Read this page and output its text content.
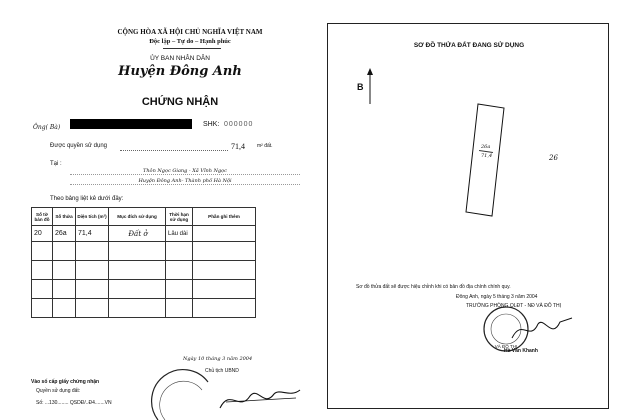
CỘNG HÒA XÃ HỘI CHỦ NGHĨA VIỆT NAM
Độc lập – Tự do – Hạnh phúc
ỦY BAN NHÂN DÂN
Huyện Đông Anh
CHỨNG NHẬN
Ông( Bà)	SHK: 000000
Được quyền sử dụng	71,4 m² đất.
Tại :
Thôn Ngọc Giang - Xã Vĩnh Ngọc
Huyện Đông Anh- Thành phố Hà Nội
Theo bảng liệt kê dưới đây:
Số tờ bản đồ	Số thửa	Diện tích (m²)	Mục đích sử dụng	Thời hạn sử dụng	Phần ghi thêm
20	26a	71,4	Đất ở	Lâu dài	

Ngày 10 tháng 3 năm 2004
Chủ tịch UBND
Vào số cấp giấy chứng nhận
Quyền sử dụng đất:
Số: ...130........ QSDĐ/..Đ4.......VN
SƠ ĐỒ THỬA ĐẤT ĐANG SỬ DỤNG
B
26a
71,4	26
Sơ đồ thửa đất sẽ được hiệu chỉnh khi có bản đồ địa chính chính quy.
Đông Anh, ngày 5 tháng 3 năm 2004
TRƯỞNG PHÒNG QLĐT - NĐ VÀ ĐÔ THỊ
VÀ ĐÔ THỊ
Hà Văn Khanh
